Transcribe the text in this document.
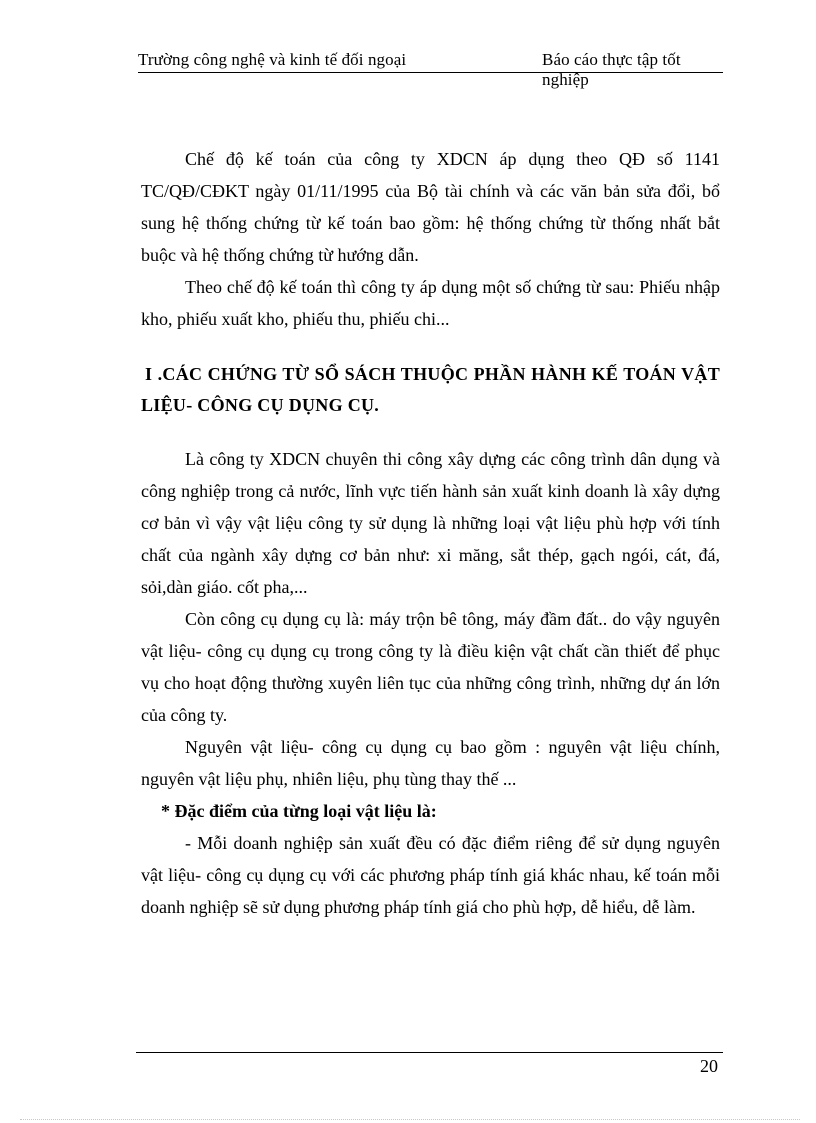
Trường công nghệ và kinh tế đối ngoại	Báo cáo thực tập tốt nghiệp

Chế độ kế toán của công ty XDCN áp dụng theo QĐ số 1141 TC/QĐ/CĐKT ngày 01/11/1995 của Bộ tài chính và các văn bản sửa đổi, bổ sung hệ thống chứng từ kế toán bao gồm: hệ thống chứng từ thống nhất bắt buộc và hệ thống chứng từ hướng dẫn.

Theo chế độ kế toán thì công ty áp dụng một số chứng từ sau: Phiếu nhập kho, phiếu xuất kho, phiếu thu, phiếu chi...

I .CÁC CHỨNG TỪ SỔ SÁCH THUỘC PHẦN HÀNH KẾ TOÁN VẬT LIỆU- CÔNG CỤ DỤNG CỤ.

Là công ty XDCN chuyên thi công xây dựng các công trình dân dụng và công nghiệp trong cả nước, lĩnh vực tiến hành sản xuất kinh doanh là xây dựng cơ bản vì vậy vật liệu công ty sử dụng là những loại vật liệu phù hợp với tính chất của ngành xây dựng cơ bản như: xi măng, sắt thép, gạch ngói, cát, đá, sỏi,dàn giáo. cốt pha,...

Còn công cụ dụng cụ là: máy trộn bê tông, máy đầm đất.. do vậy nguyên vật liệu- công cụ dụng cụ trong công ty là điều kiện vật chất cần thiết để phục vụ cho hoạt động thường xuyên liên tục của những công trình, những dự án lớn của công ty.

Nguyên vật liệu- công cụ dụng cụ bao gồm : nguyên vật liệu chính, nguyên vật liệu phụ, nhiên liệu, phụ tùng thay thế ...

* Đặc điểm của từng loại vật liệu là:

- Mỗi doanh nghiệp sản xuất đều có đặc điểm riêng để sử dụng nguyên vật liệu- công cụ dụng cụ với các phương pháp tính giá khác nhau, kế toán mỗi doanh nghiệp sẽ sử dụng phương pháp tính giá cho phù hợp, dễ hiểu, dễ làm.

20
